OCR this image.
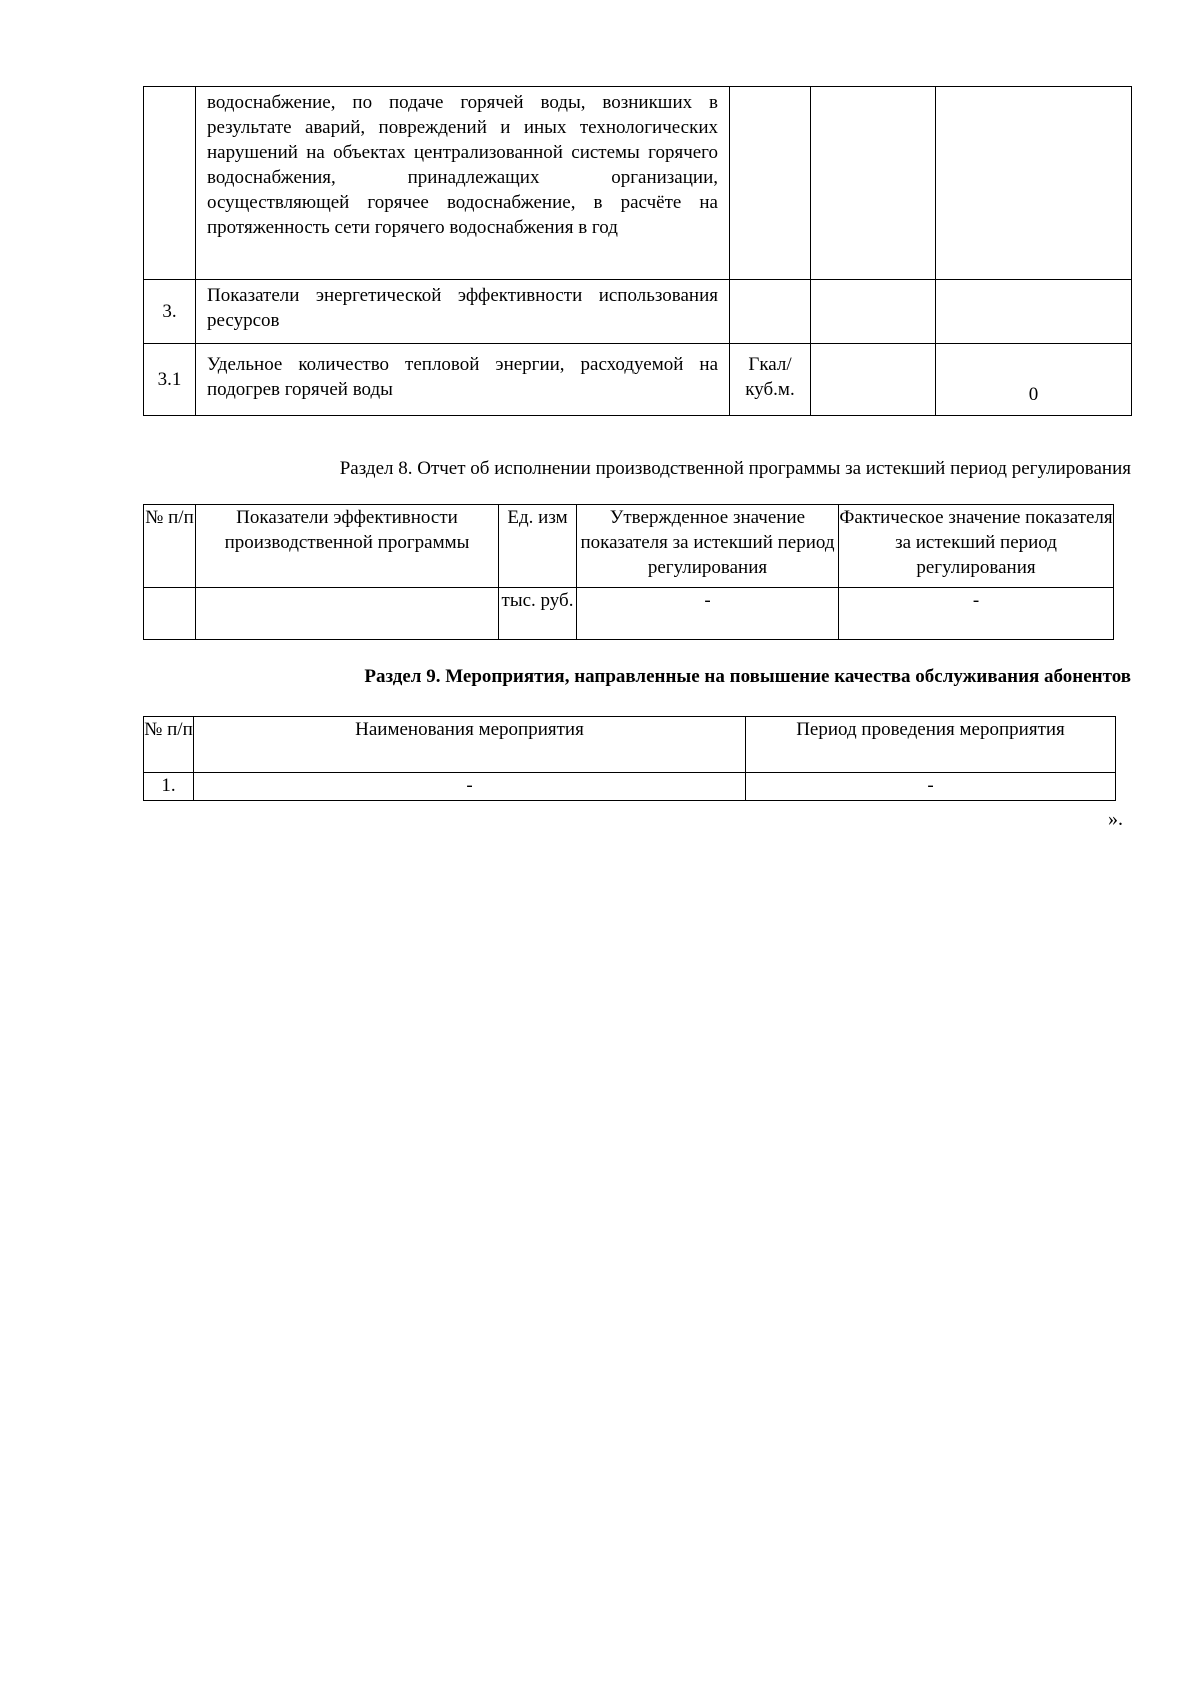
	водоснабжение, по подаче горячей воды, возникших в результате аварий, повреждений и иных технологических нарушений на объектах централизованной системы горячего водоснабжения, принадлежащих организации, осуществляющей горячее водоснабжение, в расчёте на протяженность сети горячего водоснабжения в год			
3.	Показатели энергетической эффективности использования ресурсов			
3.1	Удельное количество тепловой энергии, расходуемой на подогрев горячей воды	Гкал/ куб.м.		0
Раздел 8. Отчет об исполнении производственной программы за истекший период регулирования
№ п/п	Показатели эффективности производственной программы	Ед. изм	Утвержденное значение показателя за истекший период регулирования	Фактическое значение показателя за истекший период регулирования
		тыс. руб.	-	-
Раздел 9. Мероприятия, направленные на повышение качества обслуживания абонентов
№ п/п	Наименования мероприятия	Период проведения мероприятия
1.	-	-
».
